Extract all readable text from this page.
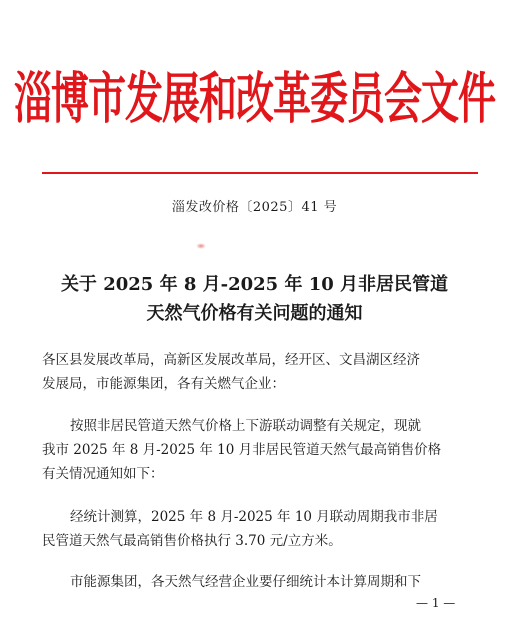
淄博市发展和改革委员会文件
淄发改价格〔2025〕41 号
关于 2025 年 8 月-2025 年 10 月非居民管道
天然气价格有关问题的通知
各区县发展改革局，高新区发展改革局，经开区、文昌湖区经济
发展局，市能源集团，各有关燃气企业：
按照非居民管道天然气价格上下游联动调整有关规定，现就
我市 2025 年 8 月-2025 年 10 月非居民管道天然气最高销售价格
有关情况通知如下：
经统计测算，2025 年 8 月-2025 年 10 月联动周期我市非居
民管道天然气最高销售价格执行 3.70 元/立方米。
市能源集团，各天然气经营企业要仔细统计本计算周期和下
— 1 —
